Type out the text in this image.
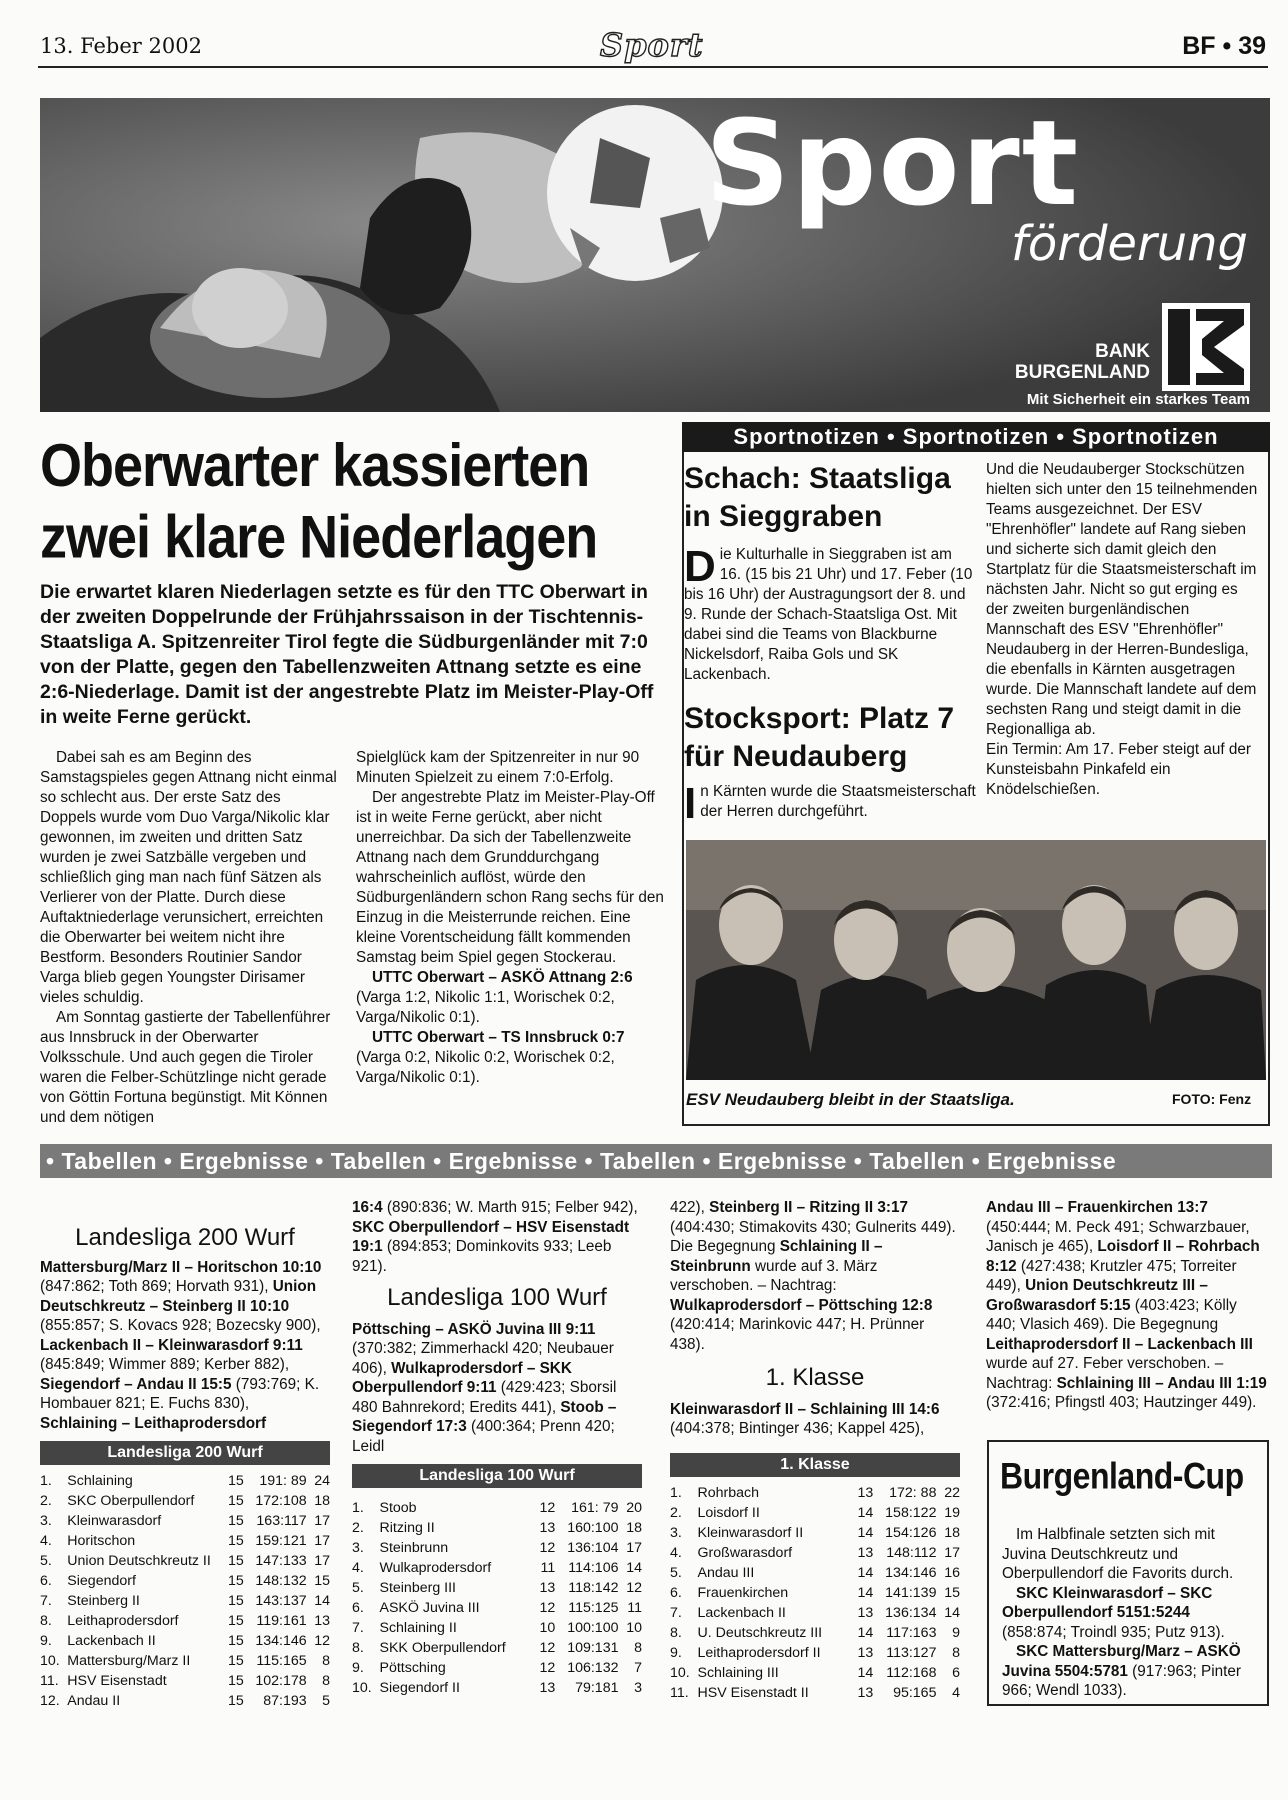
13. Feber 2002	Sport	BF • 39
Sport
förderung
BANK
BURGENLAND
Mit Sicherheit ein starkes Team
Oberwarter kassierten zwei klare Niederlagen
Die erwartet klaren Niederlagen setzte es für den TTC Oberwart in der zweiten Doppelrunde der Frühjahrssaison in der Tischtennis-Staatsliga A. Spitzenreiter Tirol fegte die Südburgenländer mit 7:0 von der Platte, gegen den Tabellenzweiten Attnang setzte es eine 2:6-Niederlage. Damit ist der angestrebte Platz im Meister-Play-Off in weite Ferne gerückt.

Dabei sah es am Beginn des Samstagspieles gegen Attnang nicht einmal so schlecht aus. Der erste Satz des Doppels wurde vom Duo Varga/Nikolic klar gewonnen, im zweiten und dritten Satz wurden je zwei Satzbälle vergeben und schließlich ging man nach fünf Sätzen als Verlierer von der Platte. Durch diese Auftaktniederlage verunsichert, erreichten die Oberwarter bei weitem nicht ihre Bestform. Besonders Routinier Sandor Varga blieb gegen Youngster Dirisamer vieles schuldig.

Am Sonntag gastierte der Tabellenführer aus Innsbruck in der Oberwarter Volksschule. Und auch gegen die Tiroler waren die Felber-Schützlinge nicht gerade von Göttin Fortuna begünstigt. Mit Können und dem nötigen

Spielglück kam der Spitzenreiter in nur 90 Minuten Spielzeit zu einem 7:0-Erfolg.

Der angestrebte Platz im Meister-Play-Off ist in weite Ferne gerückt, aber nicht unerreichbar. Da sich der Tabellenzweite Attnang nach dem Grunddurchgang wahrscheinlich auflöst, würde den Südburgenländern schon Rang sechs für den Einzug in die Meisterrunde reichen. Eine kleine Vorentscheidung fällt kommenden Samstag beim Spiel gegen Stockerau.

UTTC Oberwart – ASKÖ Attnang 2:6
(Varga 1:2, Nikolic 1:1, Worischek 0:2, Varga/Nikolic 0:1).

UTTC Oberwart – TS Innsbruck 0:7
(Varga 0:2, Nikolic 0:2, Worischek 0:2, Varga/Nikolic 0:1).

Sportnotizen • Sportnotizen • Sportnotizen
Schach: Staatsliga in Sieggraben
Die Kulturhalle in Sieggraben ist am 16. (15 bis 21 Uhr) und 17. Feber (10 bis 16 Uhr) der Austragungsort der 8. und 9. Runde der Schach-Staatsliga Ost. Mit dabei sind die Teams von Blackburne Nickelsdorf, Raiba Gols und SK Lackenbach.
Stocksport: Platz 7 für Neudauberg
In Kärnten wurde die Staatsmeisterschaft der Herren durchgeführt.

Und die Neudauberger Stockschützen hielten sich unter den 15 teilnehmenden Teams ausgezeichnet. Der ESV "Ehrenhöfler" landete auf Rang sieben und sicherte sich damit gleich den Startplatz für die Staatsmeisterschaft im nächsten Jahr. Nicht so gut erging es der zweiten burgenländischen Mannschaft des ESV "Ehrenhöfler" Neudauberg in der Herren-Bundesliga, die ebenfalls in Kärnten ausgetragen wurde. Die Mannschaft landete auf dem sechsten Rang und steigt damit in die Regionalliga ab.

Ein Termin: Am 17. Feber steigt auf der Kunsteisbahn Pinkafeld ein Knödelschießen.

ESV Neudauberg bleibt in der Staatsliga.	FOTO: Fenz
• Tabellen • Ergebnisse • Tabellen • Ergebnisse • Tabellen • Ergebnisse • Tabellen • Ergebnisse
Landesliga 200 Wurf
Mattersburg/Marz II – Horitschon 10:10 (847:862; Toth 869; Horvath 931), Union Deutschkreutz – Steinberg II 10:10 (855:857; S. Kovacs 928; Bozecsky 900), Lackenbach II – Kleinwarasdorf 9:11 (845:849; Wimmer 889; Kerber 882), Siegendorf – Andau II 15:5 (793:769; K. Hombauer 821; E. Fuchs 830), Schlaining – Leithaprodersdorf
Landesliga 200 Wurf
1.	Schlaining	15	191: 89	24
2.	SKC Oberpullendorf	15	172:108	18
3.	Kleinwarasdorf	15	163:117	17
4.	Horitschon	15	159:121	17
5.	Union Deutschkreutz II	15	147:133	17
6.	Siegendorf	15	148:132	15
7.	Steinberg II	15	143:137	14
8.	Leithaprodersdorf	15	119:161	13
9.	Lackenbach II	15	134:146	12
10.	Mattersburg/Marz II	15	115:165	8
11.	HSV Eisenstadt	15	102:178	8
12.	Andau II	15	87:193	5
16:4 (890:836; W. Marth 915; Felber 942), SKC Oberpullendorf – HSV Eisenstadt 19:1 (894:853; Dominkovits 933; Leeb 921).
Landesliga 100 Wurf
Pöttsching – ASKÖ Juvina III 9:11 (370:382; Zimmerhackl 420; Neubauer 406), Wulkaprodersdorf – SKK Oberpullendorf 9:11 (429:423; Sborsil 480 Bahnrekord; Eredits 441), Stoob – Siegendorf 17:3 (400:364; Prenn 420; Leidl
Landesliga 100 Wurf
1.	Stoob	12	161: 79	20
2.	Ritzing II	13	160:100	18
3.	Steinbrunn	12	136:104	17
4.	Wulkaprodersdorf	11	114:106	14
5.	Steinberg III	13	118:142	12
6.	ASKÖ Juvina III	12	115:125	11
7.	Schlaining II	10	100:100	10
8.	SKK Oberpullendorf	12	109:131	8
9.	Pöttsching	12	106:132	7
10.	Siegendorf II	13	79:181	3
422), Steinberg II – Ritzing II 3:17 (404:430; Stimakovits 430; Gulnerits 449). Die Begegnung Schlaining II – Steinbrunn wurde auf 3. März verschoben. – Nachtrag: Wulkaprodersdorf – Pöttsching 12:8 (420:414; Marinkovic 447; H. Prünner 438).
1. Klasse
Kleinwarasdorf II – Schlaining III 14:6 (404:378; Bintinger 436; Kappel 425),
1. Klasse
1.	Rohrbach	13	172: 88	22
2.	Loisdorf II	14	158:122	19
3.	Kleinwarasdorf II	14	154:126	18
4.	Großwarasdorf	13	148:112	17
5.	Andau III	14	134:146	16
6.	Frauenkirchen	14	141:139	15
7.	Lackenbach II	13	136:134	14
8.	U. Deutschkreutz III	14	117:163	9
9.	Leithaprodersdorf II	13	113:127	8
10.	Schlaining III	14	112:168	6
11.	HSV Eisenstadt II	13	95:165	4
Andau III – Frauenkirchen 13:7 (450:444; M. Peck 491; Schwarzbauer, Janisch je 465), Loisdorf II – Rohrbach 8:12 (427:438; Krutzler 475; Torreiter 449), Union Deutschkreutz III – Großwarasdorf 5:15 (403:423; Kölly 440; Vlasich 469). Die Begegnung Leithaprodersdorf II – Lackenbach III wurde auf 27. Feber verschoben. – Nachtrag: Schlaining III – Andau III 1:19 (372:416; Pfingstl 403; Hautzinger 449).
Burgenland-Cup
Im Halbfinale setzten sich mit Juvina Deutschkreutz und Oberpullendorf die Favorits durch.
SKC Kleinwarasdorf – SKC Oberpullendorf 5151:5244 (858:874; Troindl 935; Putz 913).
SKC Mattersburg/Marz – ASKÖ Juvina 5504:5781 (917:963; Pinter 966; Wendl 1033).
